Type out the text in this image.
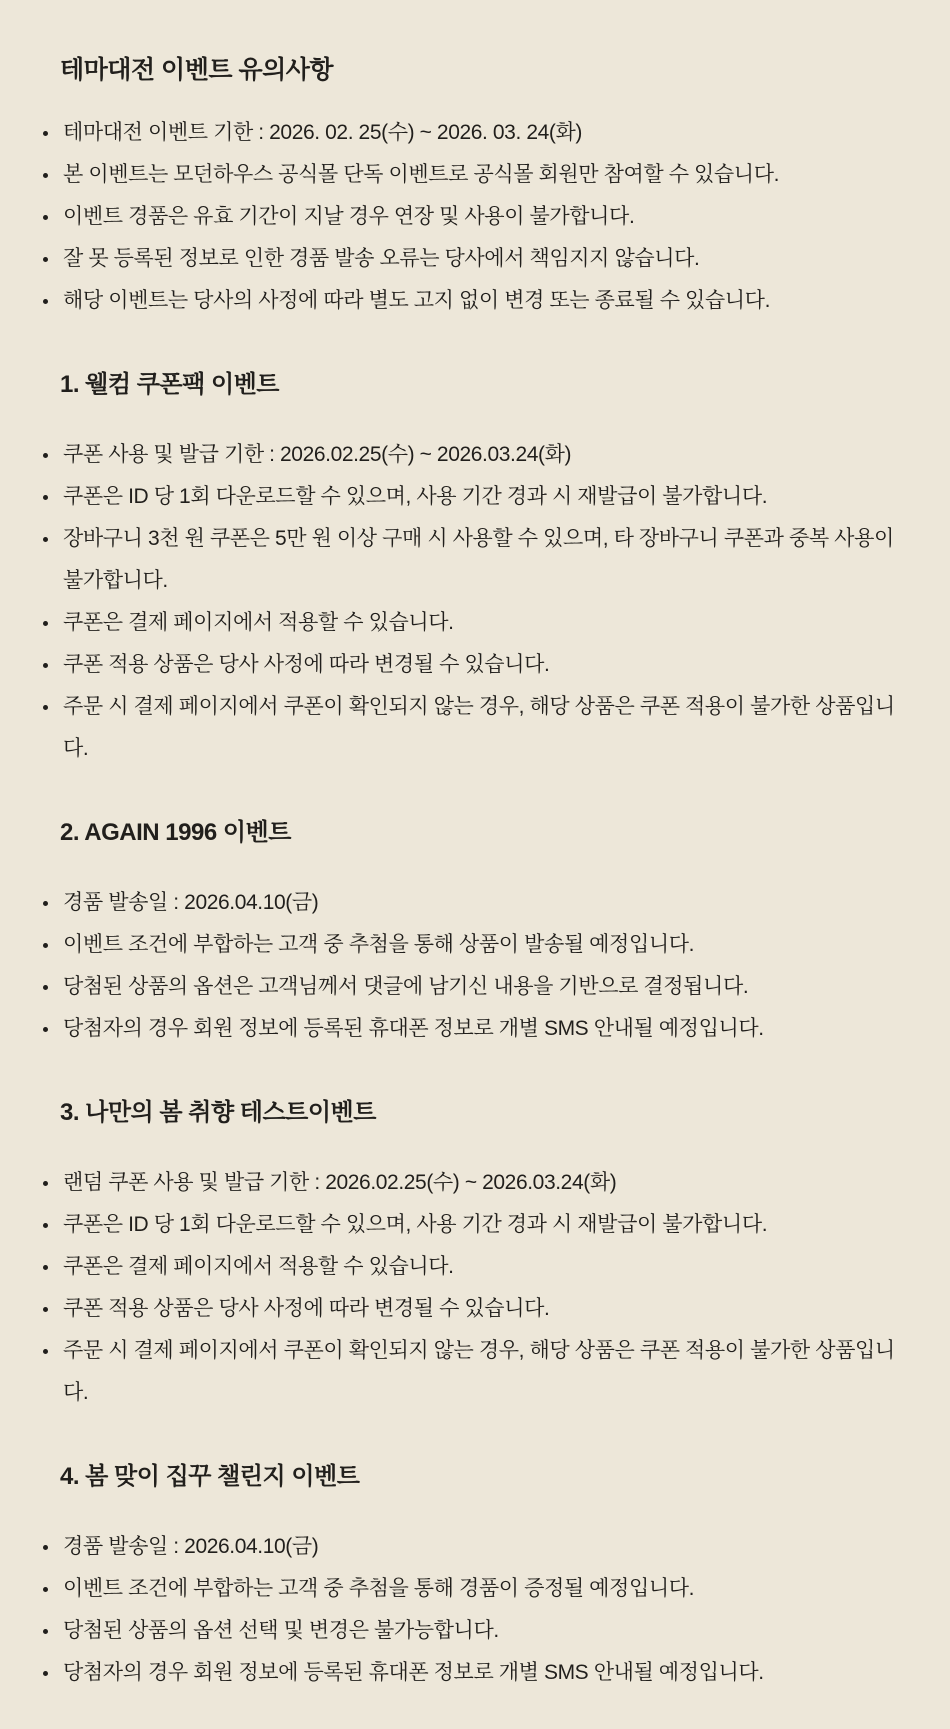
테마대전 이벤트 유의사항
테마대전 이벤트 기한 : 2026. 02. 25(수) ~ 2026. 03. 24(화)
본 이벤트는 모던하우스 공식몰 단독 이벤트로 공식몰 회원만 참여할 수 있습니다.
이벤트 경품은 유효 기간이 지날 경우 연장 및 사용이 불가합니다.
잘 못 등록된 정보로 인한 경품 발송 오류는 당사에서 책임지지 않습니다.
해당 이벤트는 당사의 사정에 따라 별도 고지 없이 변경 또는 종료될 수 있습니다.
1. 웰컴 쿠폰팩 이벤트
쿠폰 사용 및 발급 기한 : 2026.02.25(수) ~ 2026.03.24(화)
쿠폰은 ID 당 1회 다운로드할 수 있으며, 사용 기간 경과 시 재발급이 불가합니다.
장바구니 3천 원 쿠폰은 5만 원 이상 구매 시 사용할 수 있으며, 타 장바구니 쿠폰과 중복 사용이 불가합니다.
쿠폰은 결제 페이지에서 적용할 수 있습니다.
쿠폰 적용 상품은 당사 사정에 따라 변경될 수 있습니다.
주문 시 결제 페이지에서 쿠폰이 확인되지 않는 경우, 해당 상품은 쿠폰 적용이 불가한 상품입니다.
2. AGAIN 1996 이벤트
경품 발송일 : 2026.04.10(금)
이벤트 조건에 부합하는 고객 중 추첨을 통해 상품이 발송될 예정입니다.
당첨된 상품의 옵션은 고객님께서 댓글에 남기신 내용을 기반으로 결정됩니다.
당첨자의 경우 회원 정보에 등록된 휴대폰 정보로 개별 SMS 안내될 예정입니다.
3. 나만의 봄 취향 테스트이벤트
랜덤 쿠폰 사용 및 발급 기한 : 2026.02.25(수) ~ 2026.03.24(화)
쿠폰은 ID 당 1회 다운로드할 수 있으며, 사용 기간 경과 시 재발급이 불가합니다.
쿠폰은 결제 페이지에서 적용할 수 있습니다.
쿠폰 적용 상품은 당사 사정에 따라 변경될 수 있습니다.
주문 시 결제 페이지에서 쿠폰이 확인되지 않는 경우, 해당 상품은 쿠폰 적용이 불가한 상품입니다.
4. 봄 맞이 집꾸 챌린지 이벤트
경품 발송일 : 2026.04.10(금)
이벤트 조건에 부합하는 고객 중 추첨을 통해 경품이 증정될 예정입니다.
당첨된 상품의 옵션 선택 및 변경은 불가능합니다.
당첨자의 경우 회원 정보에 등록된 휴대폰 정보로 개별 SMS 안내될 예정입니다.
